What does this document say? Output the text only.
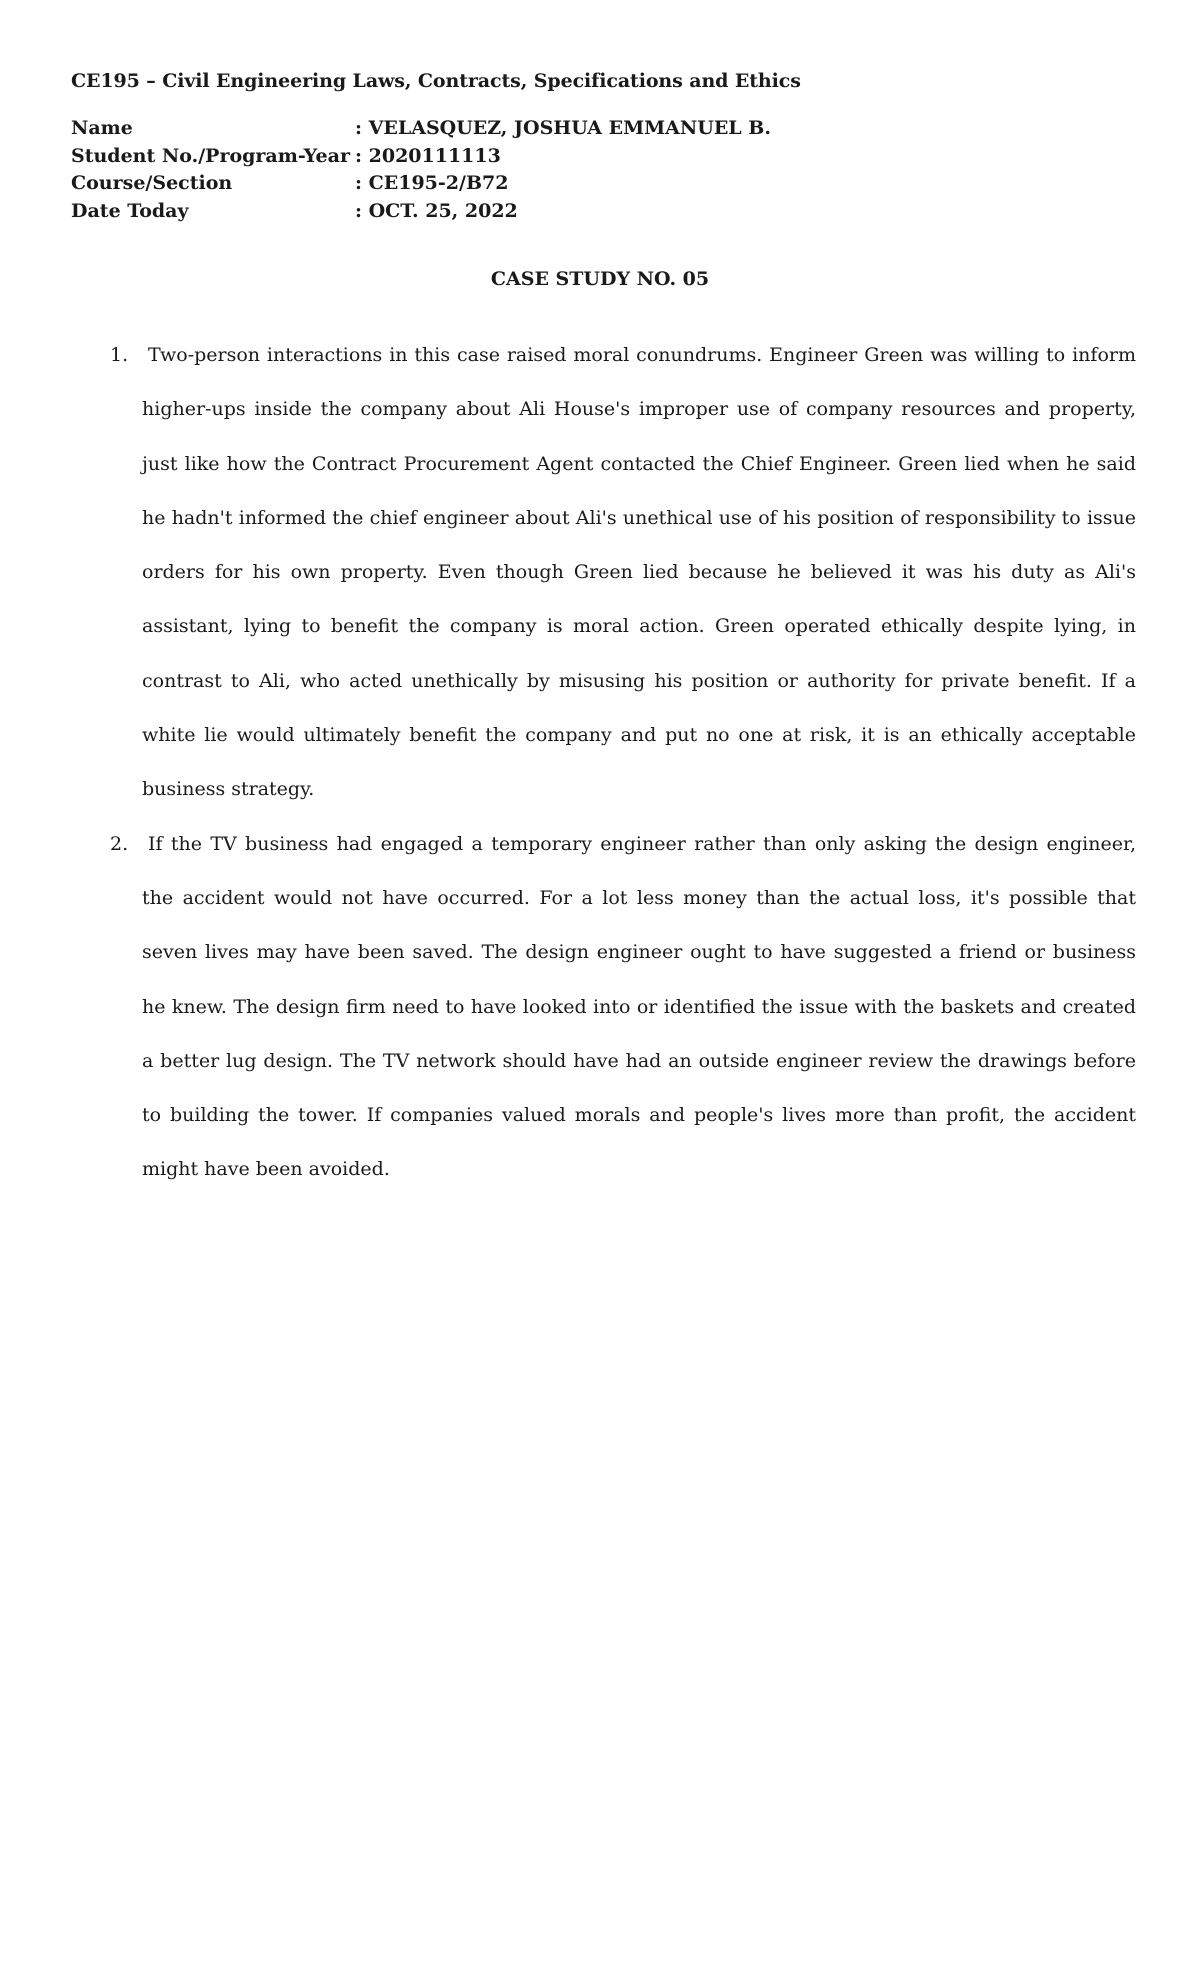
CE195 – Civil Engineering Laws, Contracts, Specifications and Ethics
Name	: VELASQUEZ, JOSHUA EMMANUEL B.
Student No./Program-Year : 2020111113
Course/Section	: CE195-2/B72
Date Today	: OCT. 25, 2022
CASE STUDY NO. 05
1.	Two-person interactions in this case raised moral conundrums. Engineer Green was willing to inform higher-ups inside the company about Ali House's improper use of company resources and property, just like how the Contract Procurement Agent contacted the Chief Engineer. Green lied when he said he hadn't informed the chief engineer about Ali's unethical use of his position of responsibility to issue orders for his own property. Even though Green lied because he believed it was his duty as Ali's assistant, lying to benefit the company is moral action. Green operated ethically despite lying, in contrast to Ali, who acted unethically by misusing his position or authority for private benefit. If a white lie would ultimately benefit the company and put no one at risk, it is an ethically acceptable business strategy.
2.	If the TV business had engaged a temporary engineer rather than only asking the design engineer, the accident would not have occurred. For a lot less money than the actual loss, it's possible that seven lives may have been saved. The design engineer ought to have suggested a friend or business he knew. The design firm need to have looked into or identified the issue with the baskets and created a better lug design. The TV network should have had an outside engineer review the drawings before to building the tower. If companies valued morals and people's lives more than profit, the accident might have been avoided.
